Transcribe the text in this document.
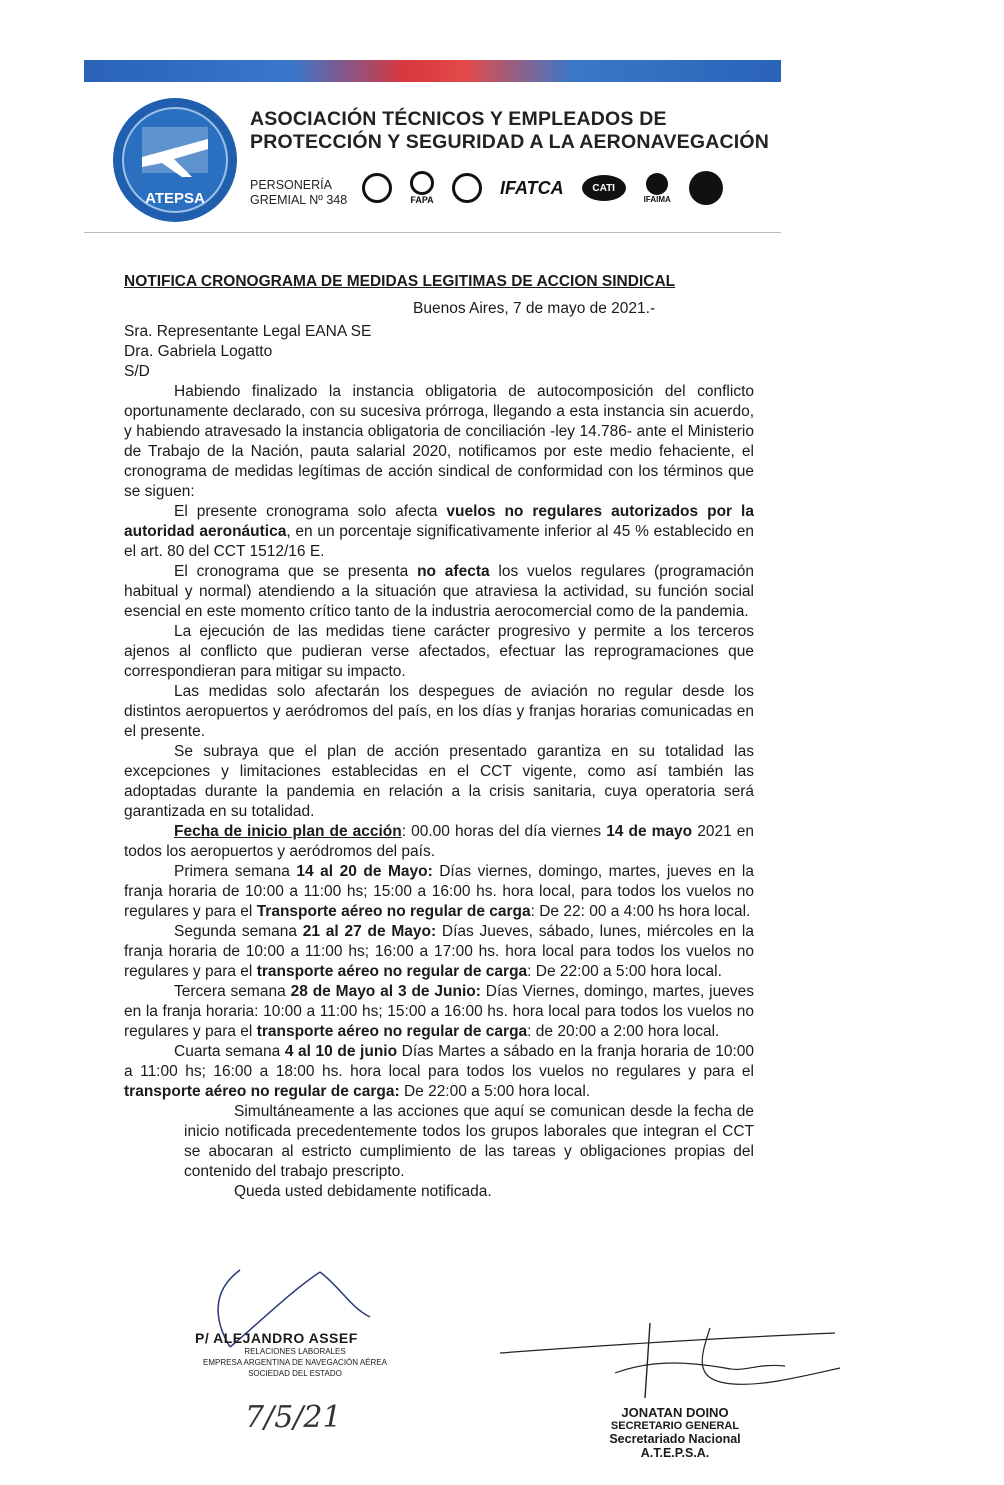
ATEPSA
ASOCIACIÓN TÉCNICOS Y EMPLEADOS DE
PROTECCIÓN Y SEGURIDAD A LA AERONAVEGACIÓN
PERSONERÍA
GREMIAL Nº 348	FAPA
IFATCA	CATI
IFAIMA
NOTIFICA CRONOGRAMA DE MEDIDAS LEGITIMAS DE ACCION SINDICAL
Buenos Aires, 7 de mayo de 2021.-

Sra. Representante Legal EANA SE

Dra. Gabriela Logatto

S/D

Habiendo finalizado la instancia obligatoria de autocomposición del conflicto oportunamente declarado, con su sucesiva prórroga, llegando a esta instancia sin acuerdo, y habiendo atravesado la instancia obligatoria de conciliación -ley 14.786- ante el Ministerio de Trabajo de la Nación, pauta salarial 2020, notificamos por este medio fehaciente, el cronograma de medidas legítimas de acción sindical de conformidad con los términos que se siguen:

El presente cronograma solo afecta vuelos no regulares autorizados por la autoridad aeronáutica, en un porcentaje significativamente inferior al 45 % establecido en el art. 80 del CCT 1512/16 E.

El cronograma que se presenta no afecta los vuelos regulares (programación habitual y normal) atendiendo a la situación que atraviesa la actividad, su función social esencial en este momento crítico tanto de la industria aerocomercial como de la pandemia.

La ejecución de las medidas tiene carácter progresivo y permite a los terceros ajenos al conflicto que pudieran verse afectados, efectuar las reprogramaciones que correspondieran para mitigar su impacto.

Las medidas solo afectarán los despegues de aviación no regular desde los distintos aeropuertos y aeródromos del país, en los días y franjas horarias comunicadas en el presente.

Se subraya que el plan de acción presentado garantiza en su totalidad las excepciones y limitaciones establecidas en el CCT vigente, como así también las adoptadas durante la pandemia en relación a la crisis sanitaria, cuya operatoria será garantizada en su totalidad.

Fecha de inicio plan de acción: 00.00 horas del día viernes 14 de mayo 2021 en todos los aeropuertos y aeródromos del país.

Primera semana 14 al 20 de Mayo: Días viernes, domingo, martes, jueves en la franja horaria de 10:00 a 11:00 hs; 15:00 a 16:00 hs. hora local, para todos los vuelos no regulares y para el Transporte aéreo no regular de carga: De 22: 00 a 4:00 hs hora local.

Segunda semana 21 al 27 de Mayo: Días Jueves, sábado, lunes, miércoles en la franja horaria de 10:00 a 11:00 hs; 16:00 a 17:00 hs. hora local para todos los vuelos no regulares y para el transporte aéreo no regular de carga: De 22:00 a 5:00 hora local.

Tercera semana 28 de Mayo al 3 de Junio: Días Viernes, domingo, martes, jueves en la franja horaria: 10:00 a 11:00 hs; 15:00 a 16:00 hs. hora local para todos los vuelos no regulares y para el transporte aéreo no regular de carga: de 20:00 a 2:00 hora local.

Cuarta semana 4 al 10 de junio Días Martes a sábado en la franja horaria de 10:00 a 11:00 hs; 16:00 a 18:00 hs. hora local para todos los vuelos no regulares y para el transporte aéreo no regular de carga: De 22:00 a 5:00 hora local.

Simultáneamente a las acciones que aquí se comunican desde la fecha de inicio notificada precedentemente todos los grupos laborales que integran el CCT se abocaran al estricto cumplimiento de las tareas y obligaciones propias del contenido del trabajo prescripto.

Queda usted debidamente notificada.

P/ ALEJANDRO ASSEF
RELACIONES LABORALES
EMPRESA ARGENTINA DE NAVEGACIÓN AÉREA
SOCIEDAD DEL ESTADO
7/5/21	JONATAN DOINO
SECRETARIO GENERAL
Secretariado Nacional
A.T.E.P.S.A.
